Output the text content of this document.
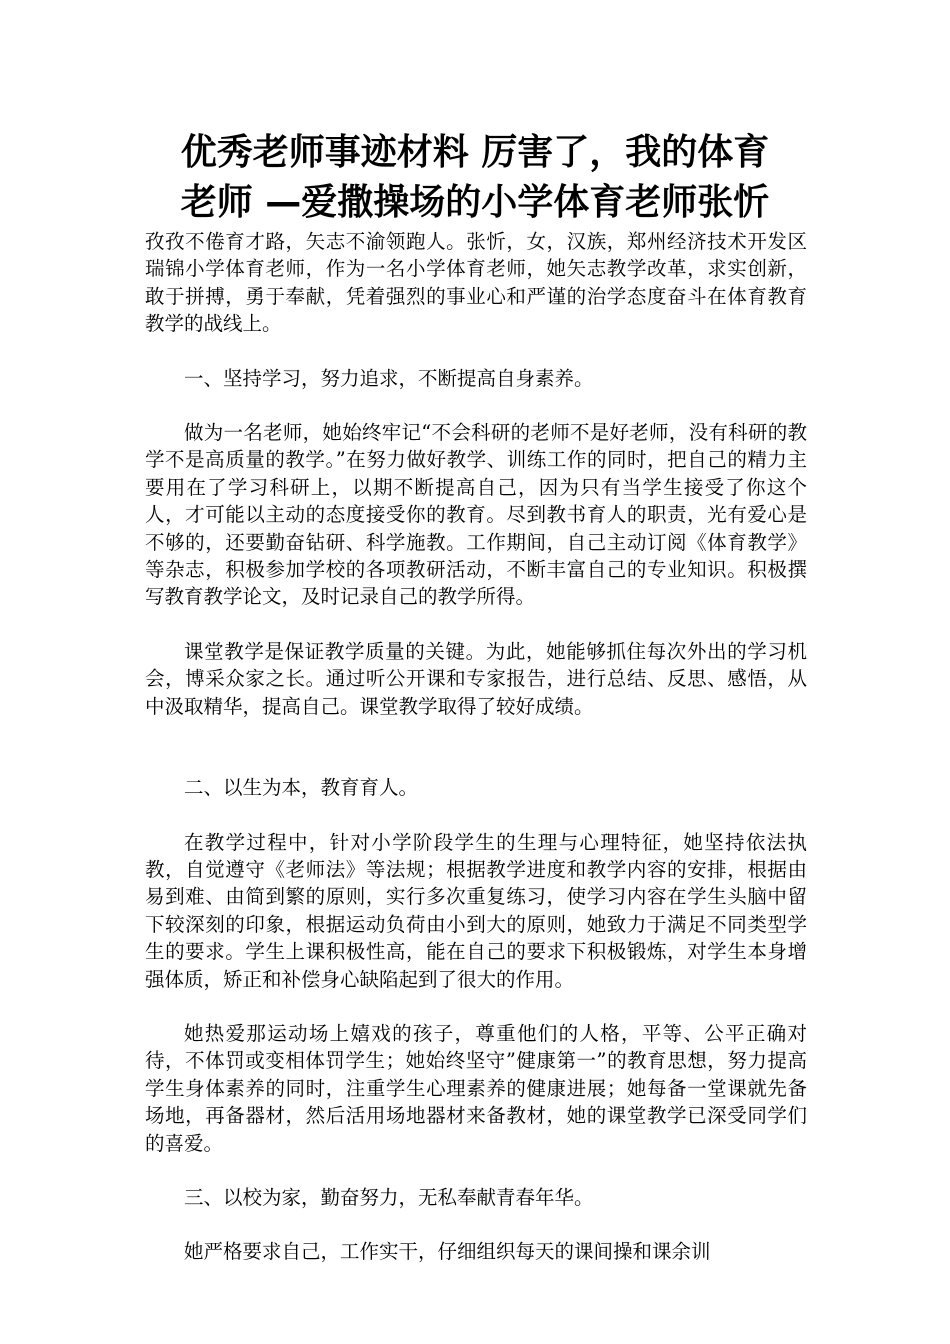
优秀老师事迹材料 厉害了，我的体育
老师 —爱撒操场的小学体育老师张忻

孜孜不倦育才路，矢志不渝领跑人。张忻，女，汉族，郑州经济技术开发区瑞锦小学体育老师，作为一名小学体育老师，她矢志教学改革，求实创新，敢于拼搏，勇于奉献，凭着强烈的事业心和严谨的治学态度奋斗在体育教育教学的战线上。

一、坚持学习，努力追求，不断提高自身素养。

做为一名老师，她始终牢记“不会科研的老师不是好老师，没有科研的教学不是高质量的教学。”在努力做好教学、训练工作的同时，把自己的精力主要用在了学习科研上，以期不断提高自己，因为只有当学生接受了你这个人，才可能以主动的态度接受你的教育。尽到教书育人的职责，光有爱心是不够的，还要勤奋钻研、科学施教。工作期间，自己主动订阅《体育教学》等杂志，积极参加学校的各项教研活动，不断丰富自己的专业知识。积极撰写教育教学论文，及时记录自己的教学所得。

课堂教学是保证教学质量的关键。为此，她能够抓住每次外出的学习机会，博采众家之长。通过听公开课和专家报告，进行总结、反思、感悟，从中汲取精华，提高自己。课堂教学取得了较好成绩。

二、以生为本，教育育人。

在教学过程中，针对小学阶段学生的生理与心理特征，她坚持依法执教，自觉遵守《老师法》等法规；根据教学进度和教学内容的安排，根据由易到难、由简到繁的原则，实行多次重复练习，使学习内容在学生头脑中留下较深刻的印象，根据运动负荷由小到大的原则，她致力于满足不同类型学生的要求。学生上课积极性高，能在自己的要求下积极锻炼，对学生本身增强体质，矫正和补偿身心缺陷起到了很大的作用。

她热爱那运动场上嬉戏的孩子，尊重他们的人格，平等、公平正确对待，不体罚或变相体罚学生；她始终坚守”健康第一”的教育思想，努力提高学生身体素养的同时，注重学生心理素养的健康进展；她每备一堂课就先备场地，再备器材，然后活用场地器材来备教材，她的课堂教学已深受同学们的喜爱。

三、以校为家，勤奋努力，无私奉献青春年华。

她严格要求自己，工作实干，仔细组织每天的课间操和课余训
